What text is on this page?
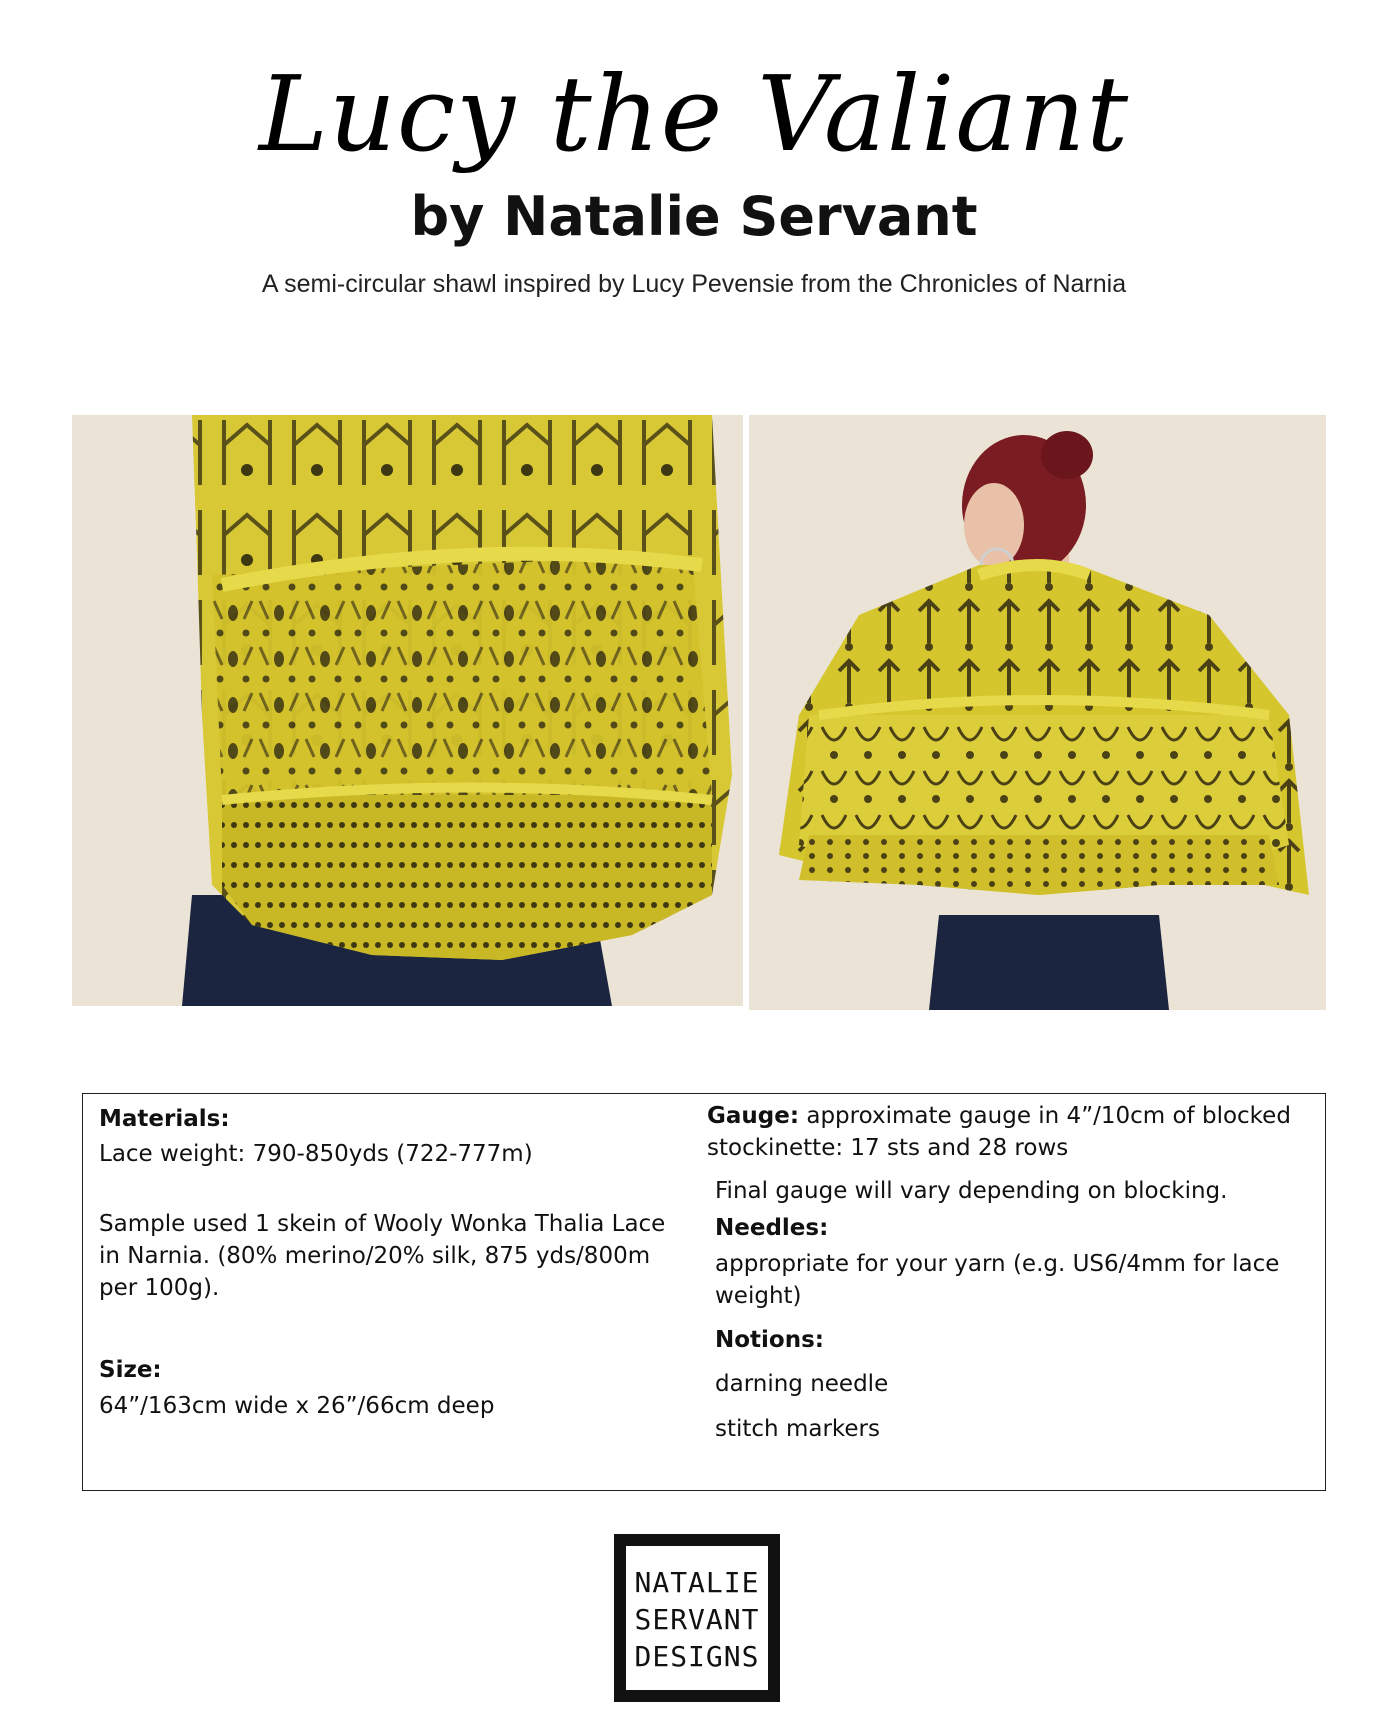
Lucy the Valiant
by Natalie Servant
A semi-circular shawl inspired by Lucy Pevensie from the Chronicles of Narnia
Materials:
Lace weight: 790-850yds (722-777m)
Sample used 1 skein of Wooly Wonka Thalia Lace in Narnia. (80% merino/20% silk, 875 yds/800m per 100g).
Size:
64”/163cm wide x 26”/66cm deep
Gauge: approximate gauge in 4”/10cm of blocked stockinette: 17 sts and 28 rows
Final gauge will vary depending on blocking.
Needles:
appropriate for your yarn (e.g. US6/4mm for lace weight)
Notions:
darning needle
stitch markers
NATALIE
SERVANT
DESIGNS
